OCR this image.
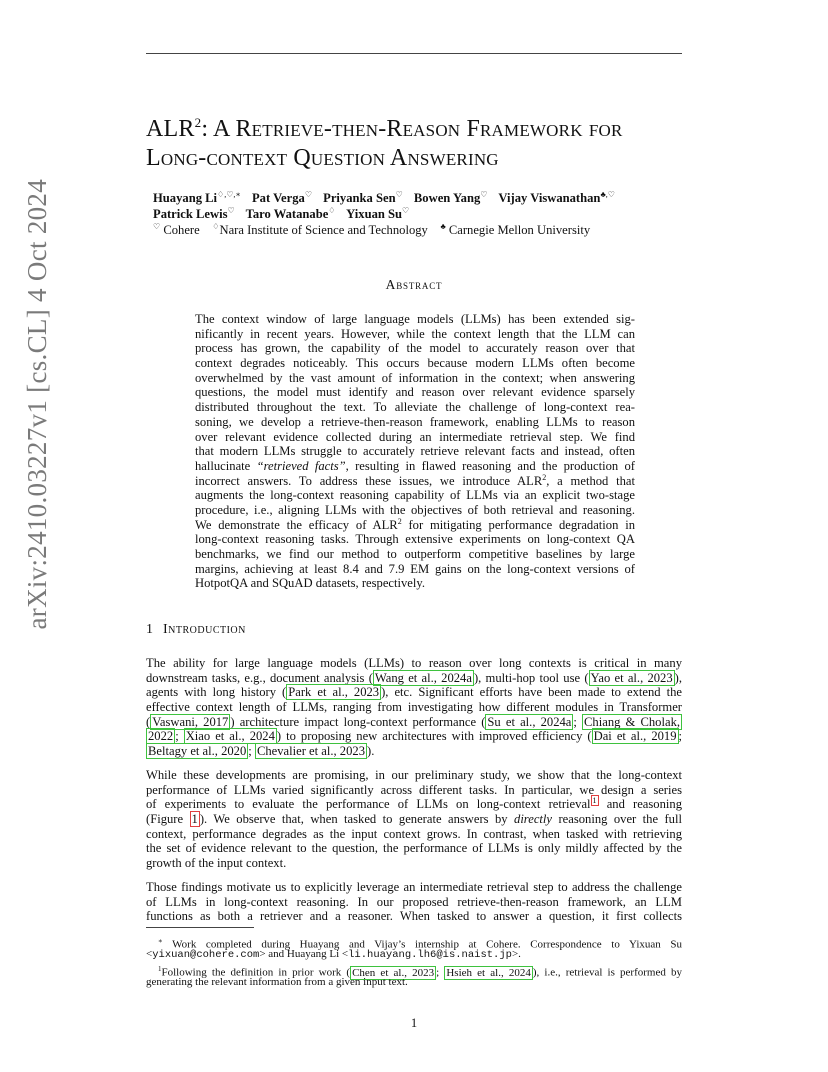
arXiv:2410.03227v1 [cs.CL] 4 Oct 2024
ALR$^2$: A Retrieve-then-Reason Framework for
Long-context Question Answering
Huayang Li♢,♡,∗ Pat Verga♡ Priyanka Sen♡ Bowen Yang♡ Vijay Viswanathan♣,♡
Patrick Lewis♡ Taro Watanabe♢ Yixuan Su♡
♡ Cohere ♢Nara Institute of Science and Technology ♣ Carnegie Mellon University
Abstract
The context window of large language models (LLMs) has been extended sig-
nificantly in recent years. However, while the context length that the LLM can
process has grown, the capability of the model to accurately reason over that
context degrades noticeably. This occurs because modern LLMs often become
overwhelmed by the vast amount of information in the context; when answering
questions, the model must identify and reason over relevant evidence sparsely
distributed throughout the text. To alleviate the challenge of long-context rea-
soning, we develop a retrieve-then-reason framework, enabling LLMs to reason
over relevant evidence collected during an intermediate retrieval step. We find
that modern LLMs struggle to accurately retrieve relevant facts and instead, often
hallucinate “retrieved facts”, resulting in flawed reasoning and the production of
incorrect answers. To address these issues, we introduce ALR$^2$, a method that
augments the long-context reasoning capability of LLMs via an explicit two-stage
procedure, i.e., aligning LLMs with the objectives of both retrieval and reasoning.
We demonstrate the efficacy of ALR$^2$ for mitigating performance degradation in
long-context reasoning tasks. Through extensive experiments on long-context QA
benchmarks, we find our method to outperform competitive baselines by large
margins, achieving at least 8.4 and 7.9 EM gains on the long-context versions of
HotpotQA and SQuAD datasets, respectively.
1 Introduction
The ability for large language models (LLMs) to reason over long contexts is critical in many
downstream tasks, e.g., document analysis ( Wang et al., 2024a ), multi-hop tool use ( Yao et al., 2023 ),
agents with long history ( Park et al., 2023 ), etc. Significant efforts have been made to extend the
effective context length of LLMs, ranging from investigating how different modules in Transformer
( Vaswani, 2017 ) architecture impact long-context performance ( Su et al., 2024a ; Chiang & Cholak,
2022 ; Xiao et al., 2024 ) to proposing new architectures with improved efficiency ( Dai et al., 2019 ;
Beltagy et al., 2020 ; Chevalier et al., 2023 ).
While these developments are promising, in our preliminary study, we show that the long-context
performance of LLMs varied significantly across different tasks. In particular, we design a series
of experiments to evaluate the performance of LLMs on long-context retrieval $^1$ and reasoning
(Figure 1 ). We observe that, when tasked to generate answers by directly reasoning over the full
context, performance degrades as the input context grows. In contrast, when tasked with retrieving
the set of evidence relevant to the question, the performance of LLMs is only mildly affected by the
growth of the input context.
Those findings motivate us to explicitly leverage an intermediate retrieval step to address the challenge
of LLMs in long-context reasoning. In our proposed retrieve-then-reason framework, an LLM
functions as both a retriever and a reasoner. When tasked to answer a question, it first collects
∗ Work completed during Huayang and Vijay’s internship at Cohere. Correspondence to Yixuan Su
<yixuan@cohere.com> and Huayang Li <li.huayang.lh6@is.naist.jp>.
$^1$Following the definition in prior work ( Chen et al., 2023 ; Hsieh et al., 2024 ), i.e., retrieval is performed by
generating the relevant information from a given input text.
1
